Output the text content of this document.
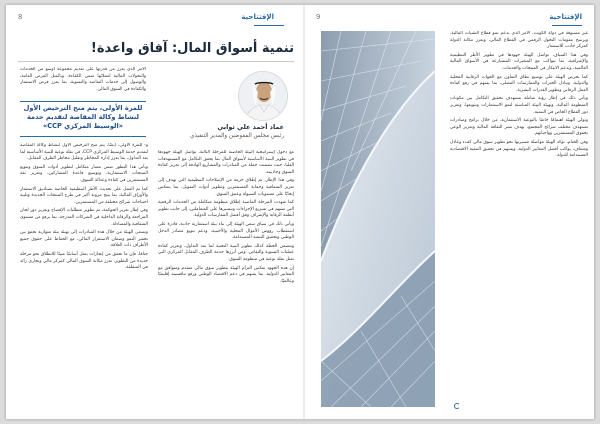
الإفتتاحية
8
تنمية أسواق المال: آفاق واعدة!
عماد أحمد علي ثوابي
رئيس مجلس المفوضين والمدير التنفيذي
الأمر الذي يعزز من قدرتها على تقديم مجموعة أوسع من الخدمات والتحولات المالية لعملائها ضمن الكفاءة، وبالمثل الفرص العامة، والوصول إلى خدمات التقاصد والتسوية، بما يعزز فرص الاستثمار والكفاءة في السوق المالي.
للمرة الأولى، يتم منح الترخيص الأول لنشاط وكالة المقاصة لتقديم خدمة «الوسيط المركزي CCP»

مع دخول إستراتيجية البيئة الحاضنة للمرحلة الثالثة، تواصل الهيئة جهودها في تطوير البنية الأساسية لأسواق المال بما يحقق التكامل مع المستهدفات العليا، حيث تضمنت جملة من المبادرات والمشاريع الهادفة إلى تعزيز كفاءة السوق وجاذبيته.

وفي هذا الإطار، تم إطلاق حزمة من الإصلاحات التنظيمية التي تهدف إلى تعزيز الشفافية وحماية المستثمرين وتطوير أدوات التمويل، بما ينعكس إيجابًا على مستويات السيولة وعمق السوق.

كما شهدت المرحلة الماضية إطلاق منظومة متكاملة من الخدمات الرقمية التي تسهم في تسريع الإجراءات وتيسيرها على المتعاملين، إلى جانب تطوير أنظمة الرقابة والإشراف وفق أفضل الممارسات الدولية.

ويأتي ذلك في سياق سعي الهيئة إلى بناء بيئة استثمارية جاذبة، قادرة على استقطاب رؤوس الأموال المحلية والأجنبية، ودعم تنويع مصادر الدخل الوطني وتحقيق التنمية المستدامة.

وتتضمن الخطة كذلك تطوير البنية التحتية لما بعد التداول، وتعزيز كفاءة عمليات التسوية والتقاص، ومن أبرزها خدمة الطرف المقابل المركزي التي تمثل نقلة نوعية في منظومة السوق.

إن هذه الجهود تعكس التزام الهيئة بتطوير سوق مالي متقدم ومتوافق مع المعايير الدولية، بما يسهم في دعم الاقتصاد الوطني ورفع تنافسيته إقليميًا وعالميًا.

و- للمرة الأولى، أيضًا، يتم منح الترخيص الأول لنشاط وكالة المقاصة لتقديم خدمة الوسيط المركزي CCP، في نقلة نوعية للبنية الأساسية لما بعد التداول، بما يعزز إدارة المخاطر وتقليل مخاطر الطرف المقابل.

ويأتي هذا التطور ضمن مسار متكامل لتطوير أدوات السوق وتنويع المنتجات الاستثمارية، وتوسيع قاعدة المشاركين، وتعزيز ثقة المستثمرين في كفاءة وعدالة السوق.

كما تم العمل على تحديث الأطر التنظيمية الخاصة بصناديق الاستثمار والأوراق المالية، بما يتيح مرونة أكبر في طرح المنتجات الجديدة وتلبية احتياجات شرائح مختلفة من المستثمرين.

وفي إطار تعزيز الحوكمة، تم تطوير متطلبات الإفصاح وتعزيز دور لجان المراجعة والرقابة الداخلية في الشركات المدرجة، بما يرفع من مستوى الشفافية والمساءلة.

وتسعى الهيئة من خلال هذه المبادرات إلى تهيئة بيئة متوازنة تجمع بين تحفيز النمو وضمان الاستقرار المالي، مع الحفاظ على حقوق جميع الأطراف ذات العلاقة.

ختامًا، فإن ما تحقق من إنجازات يمثل أساسًا متينًا للانطلاق نحو مرحلة جديدة من التطوير، تعزز مكانة السوق المالي كمركز مالي وتجاري رائد في المنطقة.

الإفتتاحية
9

غير مسبوقة في دولة الكويت، الأمر الذي يدعم نمو قطاع التقنيات المالية، ويرسخ مقومات التحول الرقمي في القطاع المالي، ويعزز مكانة الدولة كمركز جاذب للاستثمار.

وفي هذا السياق، تواصل الهيئة جهودها في تطوير الأطر التنظيمية والإشرافية، بما يتواكب مع المتغيرات المتسارعة في الأسواق المالية العالمية، ويدعم الابتكار في المنتجات والخدمات.

كما تحرص الهيئة على توسيع نطاق التعاون مع الجهات الرقابية المحلية والدولية، وتبادل الخبرات والممارسات الفضلى، بما يسهم في رفع كفاءة العمل الرقابي وتطوير القدرات البشرية.

ويأتي ذلك في إطار رؤية شاملة تستهدف تحقيق التكامل بين مكونات المنظومة المالية، وتهيئة البيئة المناسبة لنمو الاستثمارات وتنويعها، وتعزيز دور القطاع الخاص في التنمية.

وتولي الهيئة اهتمامًا خاصًا بالتوعية الاستثمارية، من خلال برامج ومبادرات تستهدف مختلف شرائح المجتمع، بهدف نشر الثقافة المالية وتعزيز الوعي بحقوق المستثمرين وواجباتهم.

وفي الختام، تؤكد الهيئة مواصلة مسيرتها نحو تطوير سوق مالي كفء وعادل وشفاف، يواكب أفضل المعايير الدولية، ويسهم في تحقيق التنمية الاقتصادية المستدامة للدولة.
